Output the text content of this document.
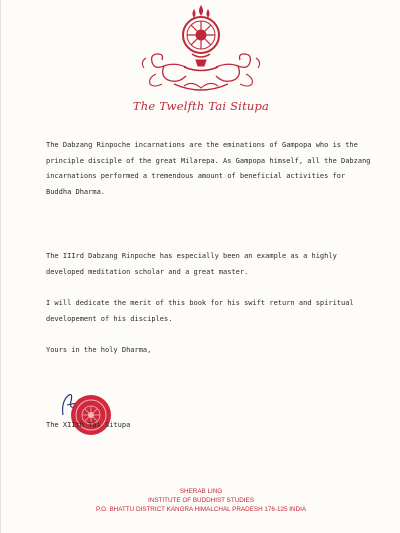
The Twelfth Tai Situpa

The Dabzang Rinpoche incarnations are the eminations of Gampopa who is the principle disciple of the great Milarepa. As Gampopa himself, all the Dabzang incarnations performed a tremendous amount of beneficial activities for Buddha Dharma.

The IIIrd Dabzang Rinpoche has especially been an example as a highly developed meditation scholar and a great master.

I will dedicate the merit of this book for his swift return and spiritual developement of his disciples.

Yours in the holy Dharma,

The XIIth Tai Situpa
SHERAB LING
INSTITUTE OF BUDDHIST STUDIES
P.O. BHATTU DISTRICT KANGRA HIMALCHAL PRADESH 176-125 INDIA
